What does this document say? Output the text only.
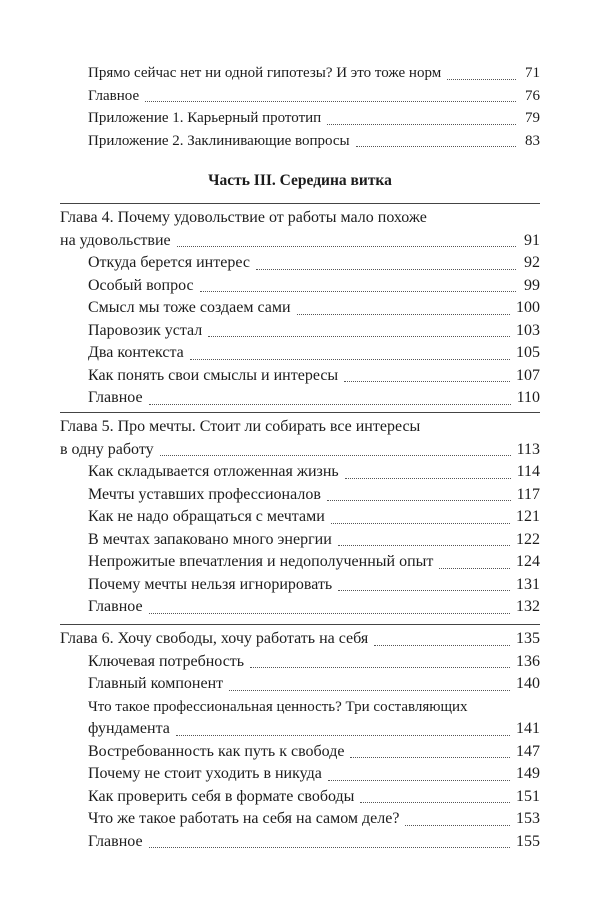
Прямо сейчас нет ни одной гипотезы? И это тоже норм	71
Главное	76
Приложение 1. Карьерный прототип	79
Приложение 2. Заклинивающие вопросы	83
Часть III. Середина витка
Глава 4. Почему удовольствие от работы мало похоже
на удовольствие	91
Откуда берется интерес	92
Особый вопрос	99
Смысл мы тоже создаем сами	100
Паровозик устал	103
Два контекста	105
Как понять свои смыслы и интересы	107
Главное	110
Глава 5. Про мечты. Стоит ли собирать все интересы
в одну работу	113
Как складывается отложенная жизнь	114
Мечты уставших профессионалов	117
Как не надо обращаться с мечтами	121
В мечтах запаковано много энергии	122
Непрожитые впечатления и недополученный опыт	124
Почему мечты нельзя игнорировать	131
Главное	132
Глава 6. Хочу свободы, хочу работать на себя	135
Ключевая потребность	136
Главный компонент	140
Что такое профессиональная ценность? Три составляющих
фундамента	141
Востребованность как путь к свободе	147
Почему не стоит уходить в никуда	149
Как проверить себя в формате свободы	151
Что же такое работать на себя на самом деле?	153
Главное	155
